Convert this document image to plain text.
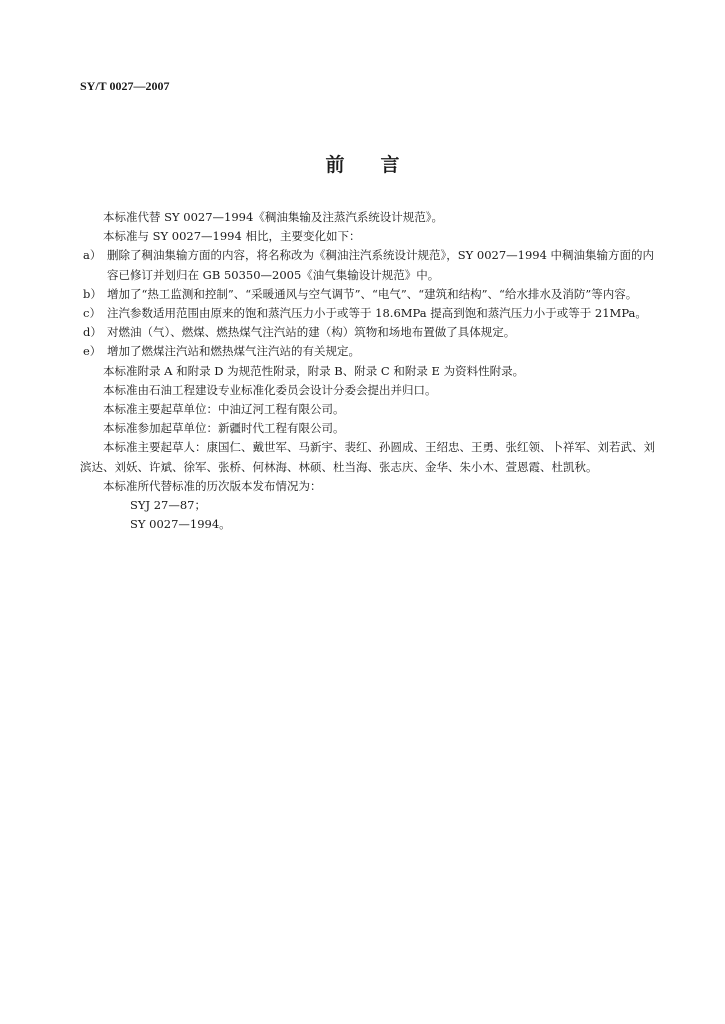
SY/T 0027—2007
前言

本标准代替 SY 0027—1994《稠油集输及注蒸汽系统设计规范》。

本标准与 SY 0027—1994 相比，主要变化如下：

a） 删除了稠油集输方面的内容，将名称改为《稠油注汽系统设计规范》，SY 0027—1994 中稠油集输方面的内容已修订并划归在 GB 50350—2005《油气集输设计规范》中。

b） 增加了“热工监测和控制”、“采暖通风与空气调节”、“电气”、“建筑和结构”、“给水排水及消防”等内容。

c） 注汽参数适用范围由原来的饱和蒸汽压力小于或等于 18.6MPa 提高到饱和蒸汽压力小于或等于 21MPa。

d） 对燃油（气）、燃煤、燃热煤气注汽站的建（构）筑物和场地布置做了具体规定。

e） 增加了燃煤注汽站和燃热煤气注汽站的有关规定。

本标准附录 A 和附录 D 为规范性附录，附录 B、附录 C 和附录 E 为资料性附录。

本标准由石油工程建设专业标准化委员会设计分委会提出并归口。

本标准主要起草单位：中油辽河工程有限公司。

本标准参加起草单位：新疆时代工程有限公司。

本标准主要起草人：康国仁、戴世军、马新宇、裴红、孙圆成、王绍忠、王勇、张红领、卜祥军、刘若武、刘滨达、刘妖、许斌、徐军、张桥、何林海、林硕、杜当海、张志庆、金华、朱小木、萱恩霞、杜凯秋。

本标准所代替标准的历次版本发布情况为：

SYJ 27—87；

SY 0027—1994。
